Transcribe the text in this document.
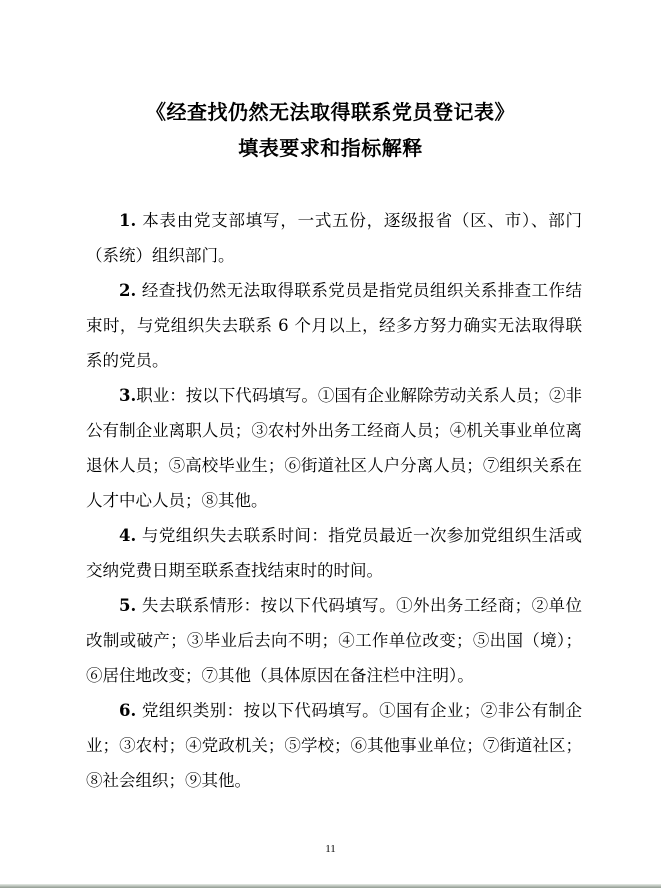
《经查找仍然无法取得联系党员登记表》
填表要求和指标解释

1. 本表由党支部填写，一式五份，逐级报省（区、市）、部门（系统）组织部门。

2. 经查找仍然无法取得联系党员是指党员组织关系排查工作结束时，与党组织失去联系 6 个月以上，经多方努力确实无法取得联系的党员。

3.职业：按以下代码填写。①国有企业解除劳动关系人员；②非公有制企业离职人员；③农村外出务工经商人员；④机关事业单位离退休人员；⑤高校毕业生；⑥街道社区人户分离人员；⑦组织关系在人才中心人员；⑧其他。

4. 与党组织失去联系时间：指党员最近一次参加党组织生活或交纳党费日期至联系查找结束时的时间。

5. 失去联系情形：按以下代码填写。①外出务工经商；②单位改制或破产；③毕业后去向不明；④工作单位改变；⑤出国（境）；⑥居住地改变；⑦其他（具体原因在备注栏中注明）。

6. 党组织类别：按以下代码填写。①国有企业；②非公有制企业；③农村；④党政机关；⑤学校；⑥其他事业单位；⑦街道社区；⑧社会组织；⑨其他。

11
